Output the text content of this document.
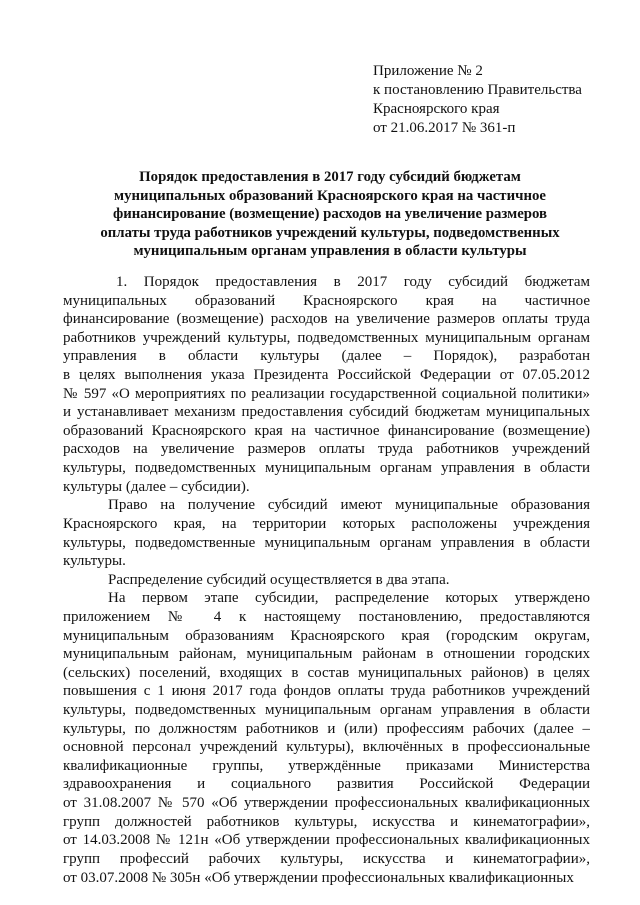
Приложение № 2
к постановлению Правительства
Красноярского края
от 21.06.2017 № 361-п
Порядок предоставления в 2017 году субсидий бюджетам
муниципальных образований Красноярского края на частичное
финансирование (возмещение) расходов на увеличение размеров
оплаты труда работников учреждений культуры, подведомственных
муниципальным органам управления в области культуры
1. Порядок предоставления в 2017 году субсидий бюджетам
муниципальных образований Красноярского края на частичное
финансирование (возмещение) расходов на увеличение размеров оплаты труда
работников учреждений культуры, подведомственных муниципальным органам
управления в области культуры (далее – Порядок), разработан
в целях выполнения указа Президента Российской Федерации от 07.05.2012
№ 597 «О мероприятиях по реализации государственной социальной политики»
и устанавливает механизм предоставления субсидий бюджетам муниципальных
образований Красноярского края на частичное финансирование (возмещение)
расходов на увеличение размеров оплаты труда работников учреждений
культуры, подведомственных муниципальным органам управления в области
культуры (далее – субсидии).
Право на получение субсидий имеют муниципальные образования
Красноярского края, на территории которых расположены учреждения
культуры, подведомственные муниципальным органам управления в области
культуры.
Распределение субсидий осуществляется в два этапа.
На первом этапе субсидии, распределение которых утверждено
приложением № 4 к настоящему постановлению, предоставляются
муниципальным образованиям Красноярского края (городским округам,
муниципальным районам, муниципальным районам в отношении городских
(сельских) поселений, входящих в состав муниципальных районов) в целях
повышения с 1 июня 2017 года фондов оплаты труда работников учреждений
культуры, подведомственных муниципальным органам управления в области
культуры, по должностям работников и (или) профессиям рабочих (далее –
основной персонал учреждений культуры), включённых в профессиональные
квалификационные группы, утверждённые приказами Министерства
здравоохранения и социального развития Российской Федерации
от 31.08.2007 № 570 «Об утверждении профессиональных квалификационных
групп должностей работников культуры, искусства и кинематографии»,
от 14.03.2008 № 121н «Об утверждении профессиональных квалификационных
групп профессий рабочих культуры, искусства и кинематографии»,
от 03.07.2008 № 305н «Об утверждении профессиональных квалификационных
